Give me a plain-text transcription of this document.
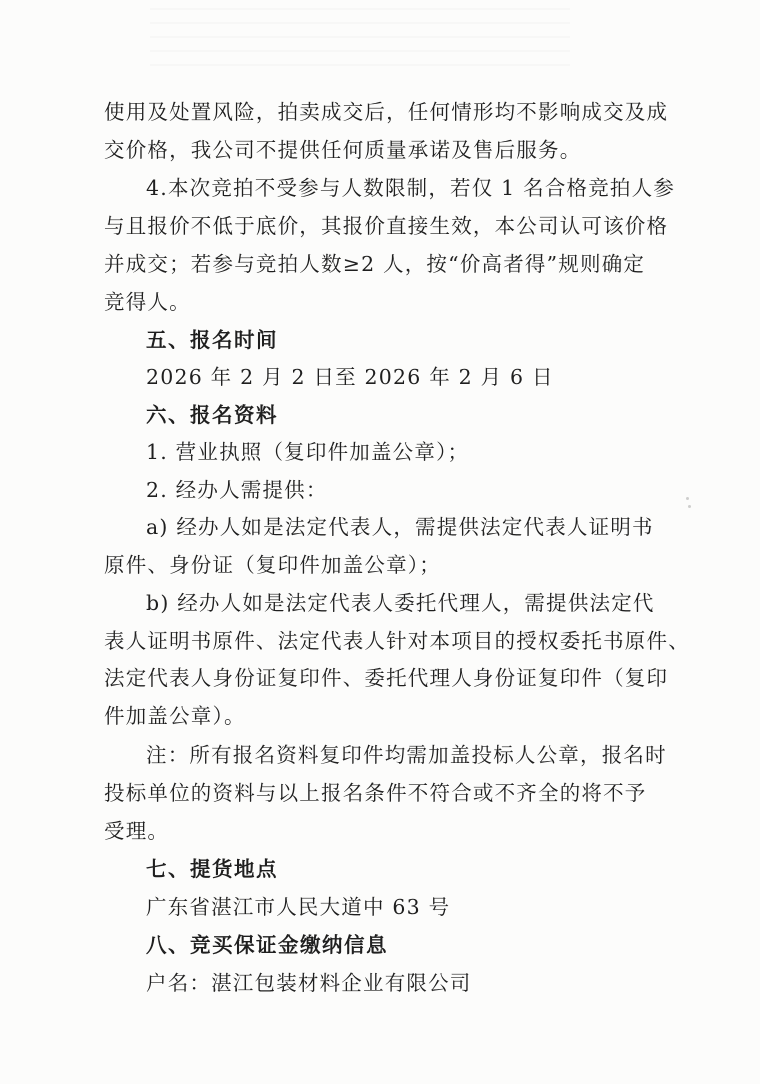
使用及处置风险，拍卖成交后，任何情形均不影响成交及成
交价格，我公司不提供任何质量承诺及售后服务。
4.本次竞拍不受参与人数限制，若仅 1 名合格竞拍人参
与且报价不低于底价，其报价直接生效，本公司认可该价格
并成交；若参与竞拍人数≥2 人，按“价高者得”规则确定
竞得人。
五、报名时间
2026 年 2 月 2 日至 2026 年 2 月 6 日
六、报名资料
1. 营业执照（复印件加盖公章）；
2. 经办人需提供：
a) 经办人如是法定代表人，需提供法定代表人证明书
原件、身份证（复印件加盖公章）；
b) 经办人如是法定代表人委托代理人，需提供法定代
表人证明书原件、法定代表人针对本项目的授权委托书原件、
法定代表人身份证复印件、委托代理人身份证复印件（复印
件加盖公章）。
注：所有报名资料复印件均需加盖投标人公章，报名时
投标单位的资料与以上报名条件不符合或不齐全的将不予
受理。
七、提货地点
广东省湛江市人民大道中 63 号
八、竞买保证金缴纳信息
户名：湛江包装材料企业有限公司
